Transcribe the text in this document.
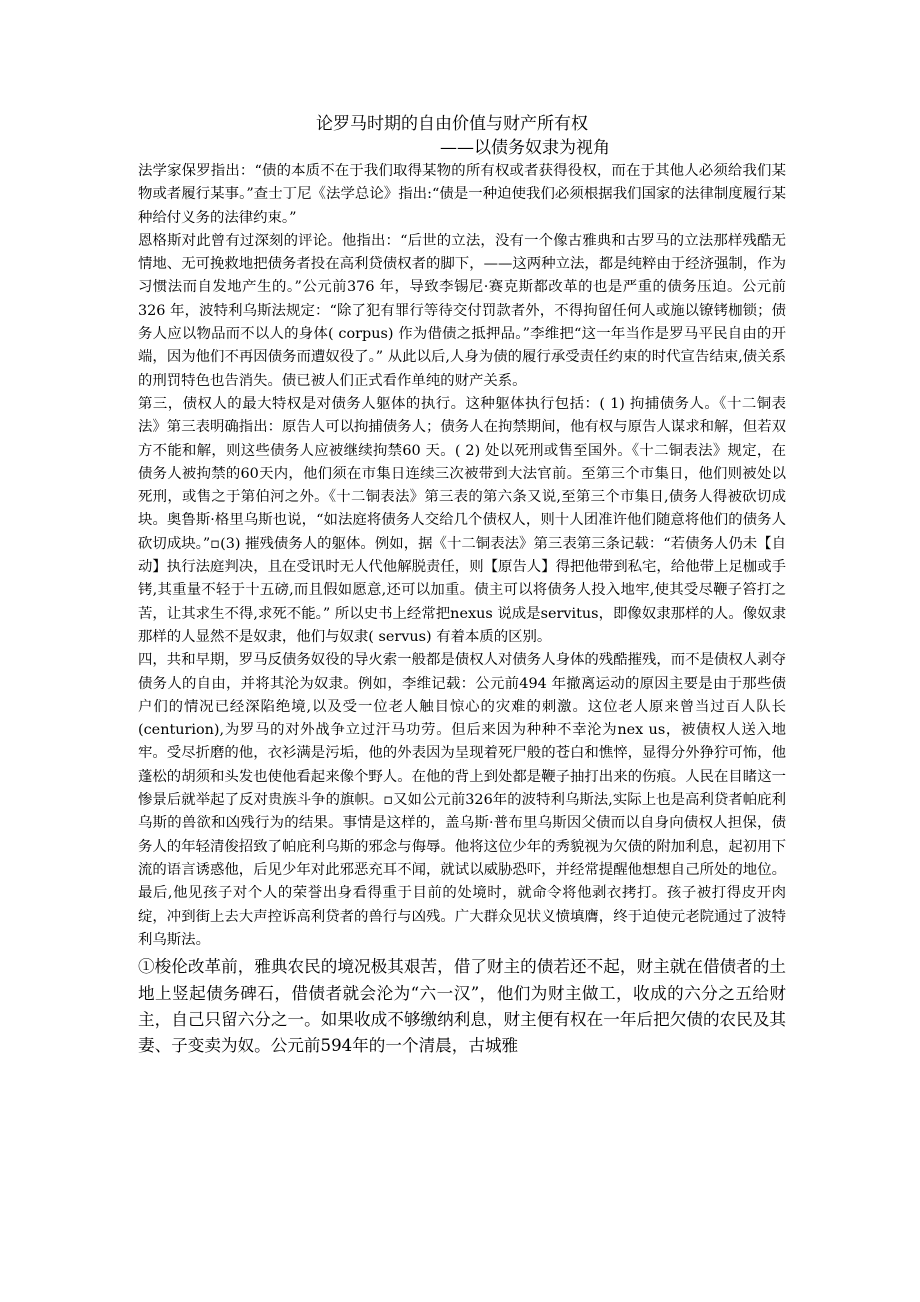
论罗马时期的自由价值与财产所有权

——以债务奴隶为视角

法学家保罗指出：“债的本质不在于我们取得某物的所有权或者获得役权，而在于其他人必须给我们某物或者履行某事。”查士丁尼《法学总论》指出:“债是一种迫使我们必须根据我们国家的法律制度履行某种给付义务的法律约束。”

恩格斯对此曾有过深刻的评论。他指出：“后世的立法，没有一个像古雅典和古罗马的立法那样残酷无情地、无可挽救地把债务者投在高利贷债权者的脚下，——这两种立法，都是纯粹由于经济强制，作为习惯法而自发地产生的。”公元前376 年，导致李锡尼·赛克斯都改革的也是严重的债务压迫。公元前326 年，波特利乌斯法规定：“除了犯有罪行等待交付罚款者外，不得拘留任何人或施以镣铐枷锁；债务人应以物品而不以人的身体( corpus) 作为借债之抵押品。”李维把“这一年当作是罗马平民自由的开端，因为他们不再因债务而遭奴役了。” 从此以后,人身为债的履行承受责任约束的时代宣告结束,债关系的刑罚特色也告消失。债已被人们正式看作单纯的财产关系。

第三，债权人的最大特权是对债务人躯体的执行。这种躯体执行包括：( 1) 拘捕债务人。《十二铜表法》第三表明确指出：原告人可以拘捕债务人；债务人在拘禁期间，他有权与原告人谋求和解，但若双方不能和解，则这些债务人应被继续拘禁60 天。( 2) 处以死刑或售至国外。《十二铜表法》规定，在债务人被拘禁的60天内，他们须在市集日连续三次被带到大法官前。至第三个市集日，他们则被处以死刑，或售之于第伯河之外。《十二铜表法》第三表的第六条又说,至第三个市集日,债务人得被砍切成块。奥鲁斯·格里乌斯也说，“如法庭将债务人交给几个债权人，则十人团准许他们随意将他们的债务人砍切成块。”▫(3) 摧残债务人的躯体。例如，据《十二铜表法》第三表第三条记载：“若债务人仍未【自动】执行法庭判决，且在受讯时无人代他解脱责任，则【原告人】得把他带到私宅，给他带上足枷或手铐,其重量不轻于十五磅,而且假如愿意,还可以加重。债主可以将债务人投入地牢,使其受尽鞭子笞打之苦，让其求生不得,求死不能。” 所以史书上经常把nexus 说成是servitus，即像奴隶那样的人。像奴隶那样的人显然不是奴隶，他们与奴隶( servus) 有着本质的区别。

四，共和早期，罗马反债务奴役的导火索一般都是债权人对债务人身体的残酷摧残，而不是债权人剥夺债务人的自由，并将其沦为奴隶。例如，李维记载：公元前494 年撤离运动的原因主要是由于那些债户们的情况已经深陷绝境,以及受一位老人触目惊心的灾难的刺激。这位老人原来曾当过百人队长(centurion),为罗马的对外战争立过汗马功劳。但后来因为种种不幸沦为nex us，被债权人送入地牢。受尽折磨的他，衣衫满是污垢，他的外表因为呈现着死尸般的苍白和憔悴，显得分外狰狞可怖，他蓬松的胡须和头发也使他看起来像个野人。在他的背上到处都是鞭子抽打出来的伤痕。人民在目睹这一惨景后就举起了反对贵族斗争的旗帜。▫又如公元前326年的波特利乌斯法,实际上也是高利贷者帕庇利乌斯的兽欲和凶残行为的结果。事情是这样的，盖乌斯·普布里乌斯因父债而以自身向债权人担保，债务人的年轻清俊招致了帕庇利乌斯的邪念与侮辱。他将这位少年的秀貌视为欠债的附加利息，起初用下流的语言诱惑他，后见少年对此邪恶充耳不闻，就试以威胁恐吓，并经常提醒他想想自己所处的地位。最后,他见孩子对个人的荣誉出身看得重于目前的处境时，就命令将他剥衣拷打。孩子被打得皮开肉绽，冲到街上去大声控诉高利贷者的兽行与凶残。广大群众见状义愤填膺，终于迫使元老院通过了波特利乌斯法。

①梭伦改革前，雅典农民的境况极其艰苦，借了财主的债若还不起，财主就在借债者的土地上竖起债务碑石，借债者就会沦为“六一汉”，他们为财主做工，收成的六分之五给财主，自己只留六分之一。如果收成不够缴纳利息，财主便有权在一年后把欠债的农民及其妻、子变卖为奴。公元前594年的一个清晨，古城雅
